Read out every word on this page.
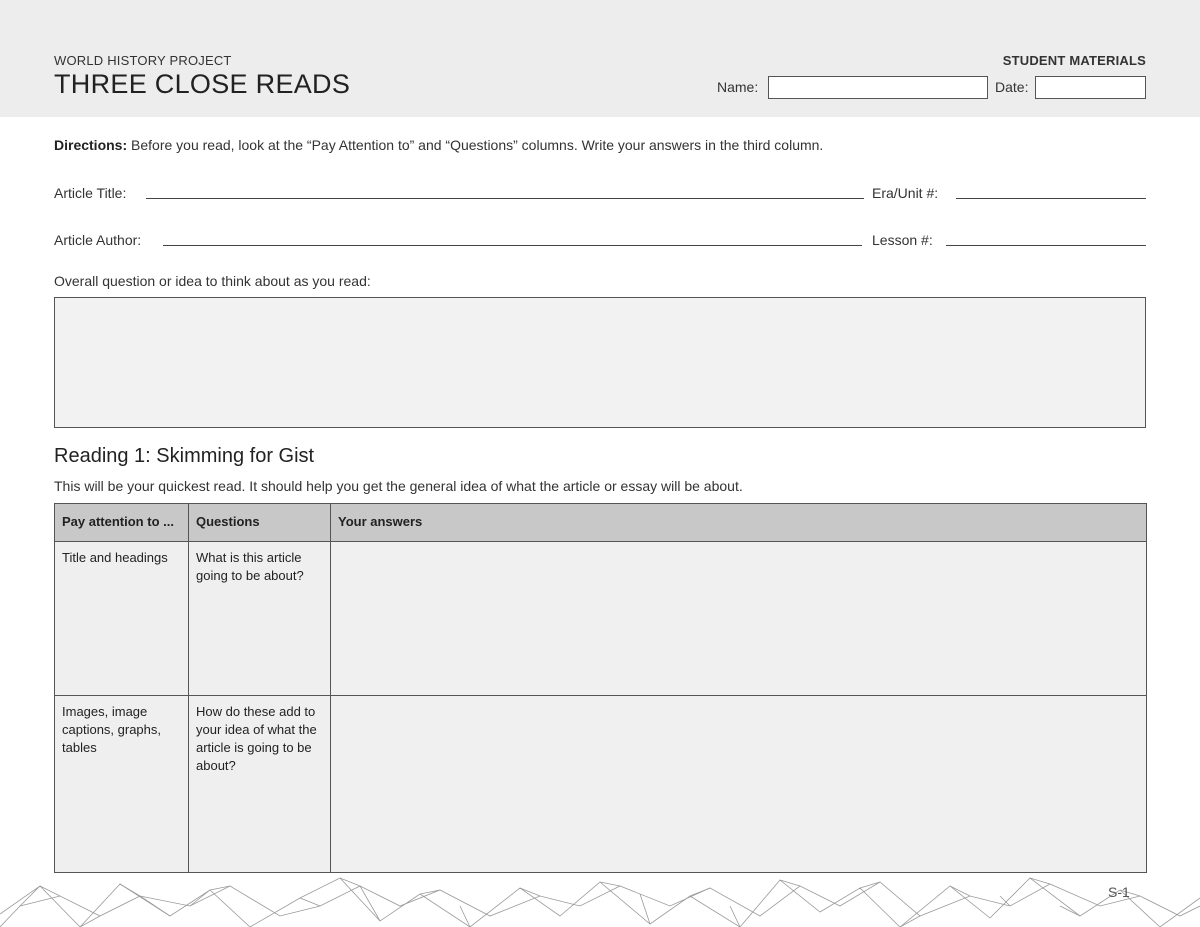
WORLD HISTORY PROJECT
THREE CLOSE READS
STUDENT MATERIALS
Name:	Date:
Directions: Before you read, look at the “Pay Attention to” and “Questions” columns. Write your answers in the third column.
Article Title:	Era/Unit #:
Article Author:	Lesson #:
Overall question or idea to think about as you read:
Reading 1: Skimming for Gist
This will be your quickest read. It should help you get the general idea of what the article or essay will be about.
Pay attention to ...	Questions	Your answers
Title and headings	What is this article going to be about?	
Images, image captions, graphs, tables	How do these add to your idea of what the article is going to be about?	
S-1
